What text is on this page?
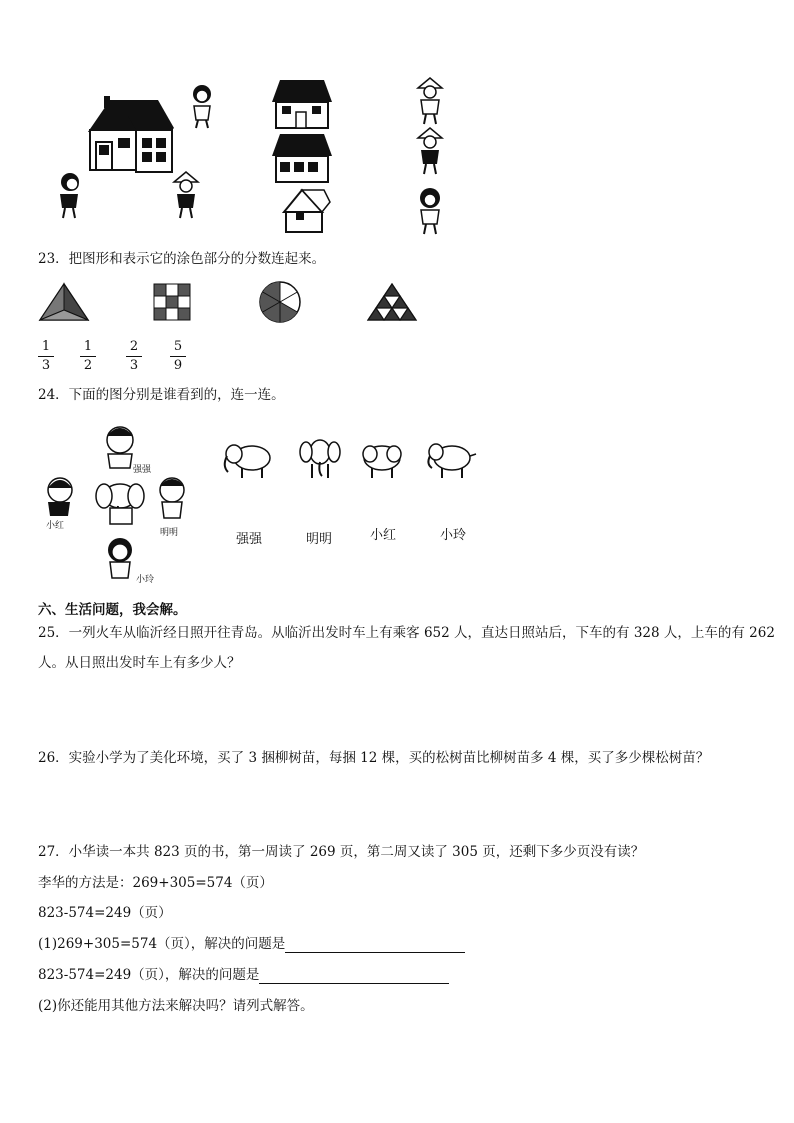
23．把图形和表示它的涂色部分的分数连起来。
1
3
1
2
2
3
5
9
24．下面的图分别是谁看到的，连一连。
强强
小红
明明
小玲
强强	明明	小红	小玲
六、生活问题，我会解。
25．一列火车从临沂经日照开往青岛。从临沂出发时车上有乘客 652 人，直达日照站后，下车的有 328 人，上车的有 262
人。从日照出发时车上有多少人？
26．实验小学为了美化环境，买了 3 捆柳树苗，每捆 12 棵，买的松树苗比柳树苗多 4 棵，买了多少棵松树苗？
27．小华读一本共 823 页的书，第一周读了 269 页，第二周又读了 305 页，还剩下多少页没有读？
李华的方法是：269+305=574（页）
823-574=249（页）
(1)269+305=574（页），解决的问题是
823-574=249（页），解决的问题是
(2)你还能用其他方法来解决吗？请列式解答。
